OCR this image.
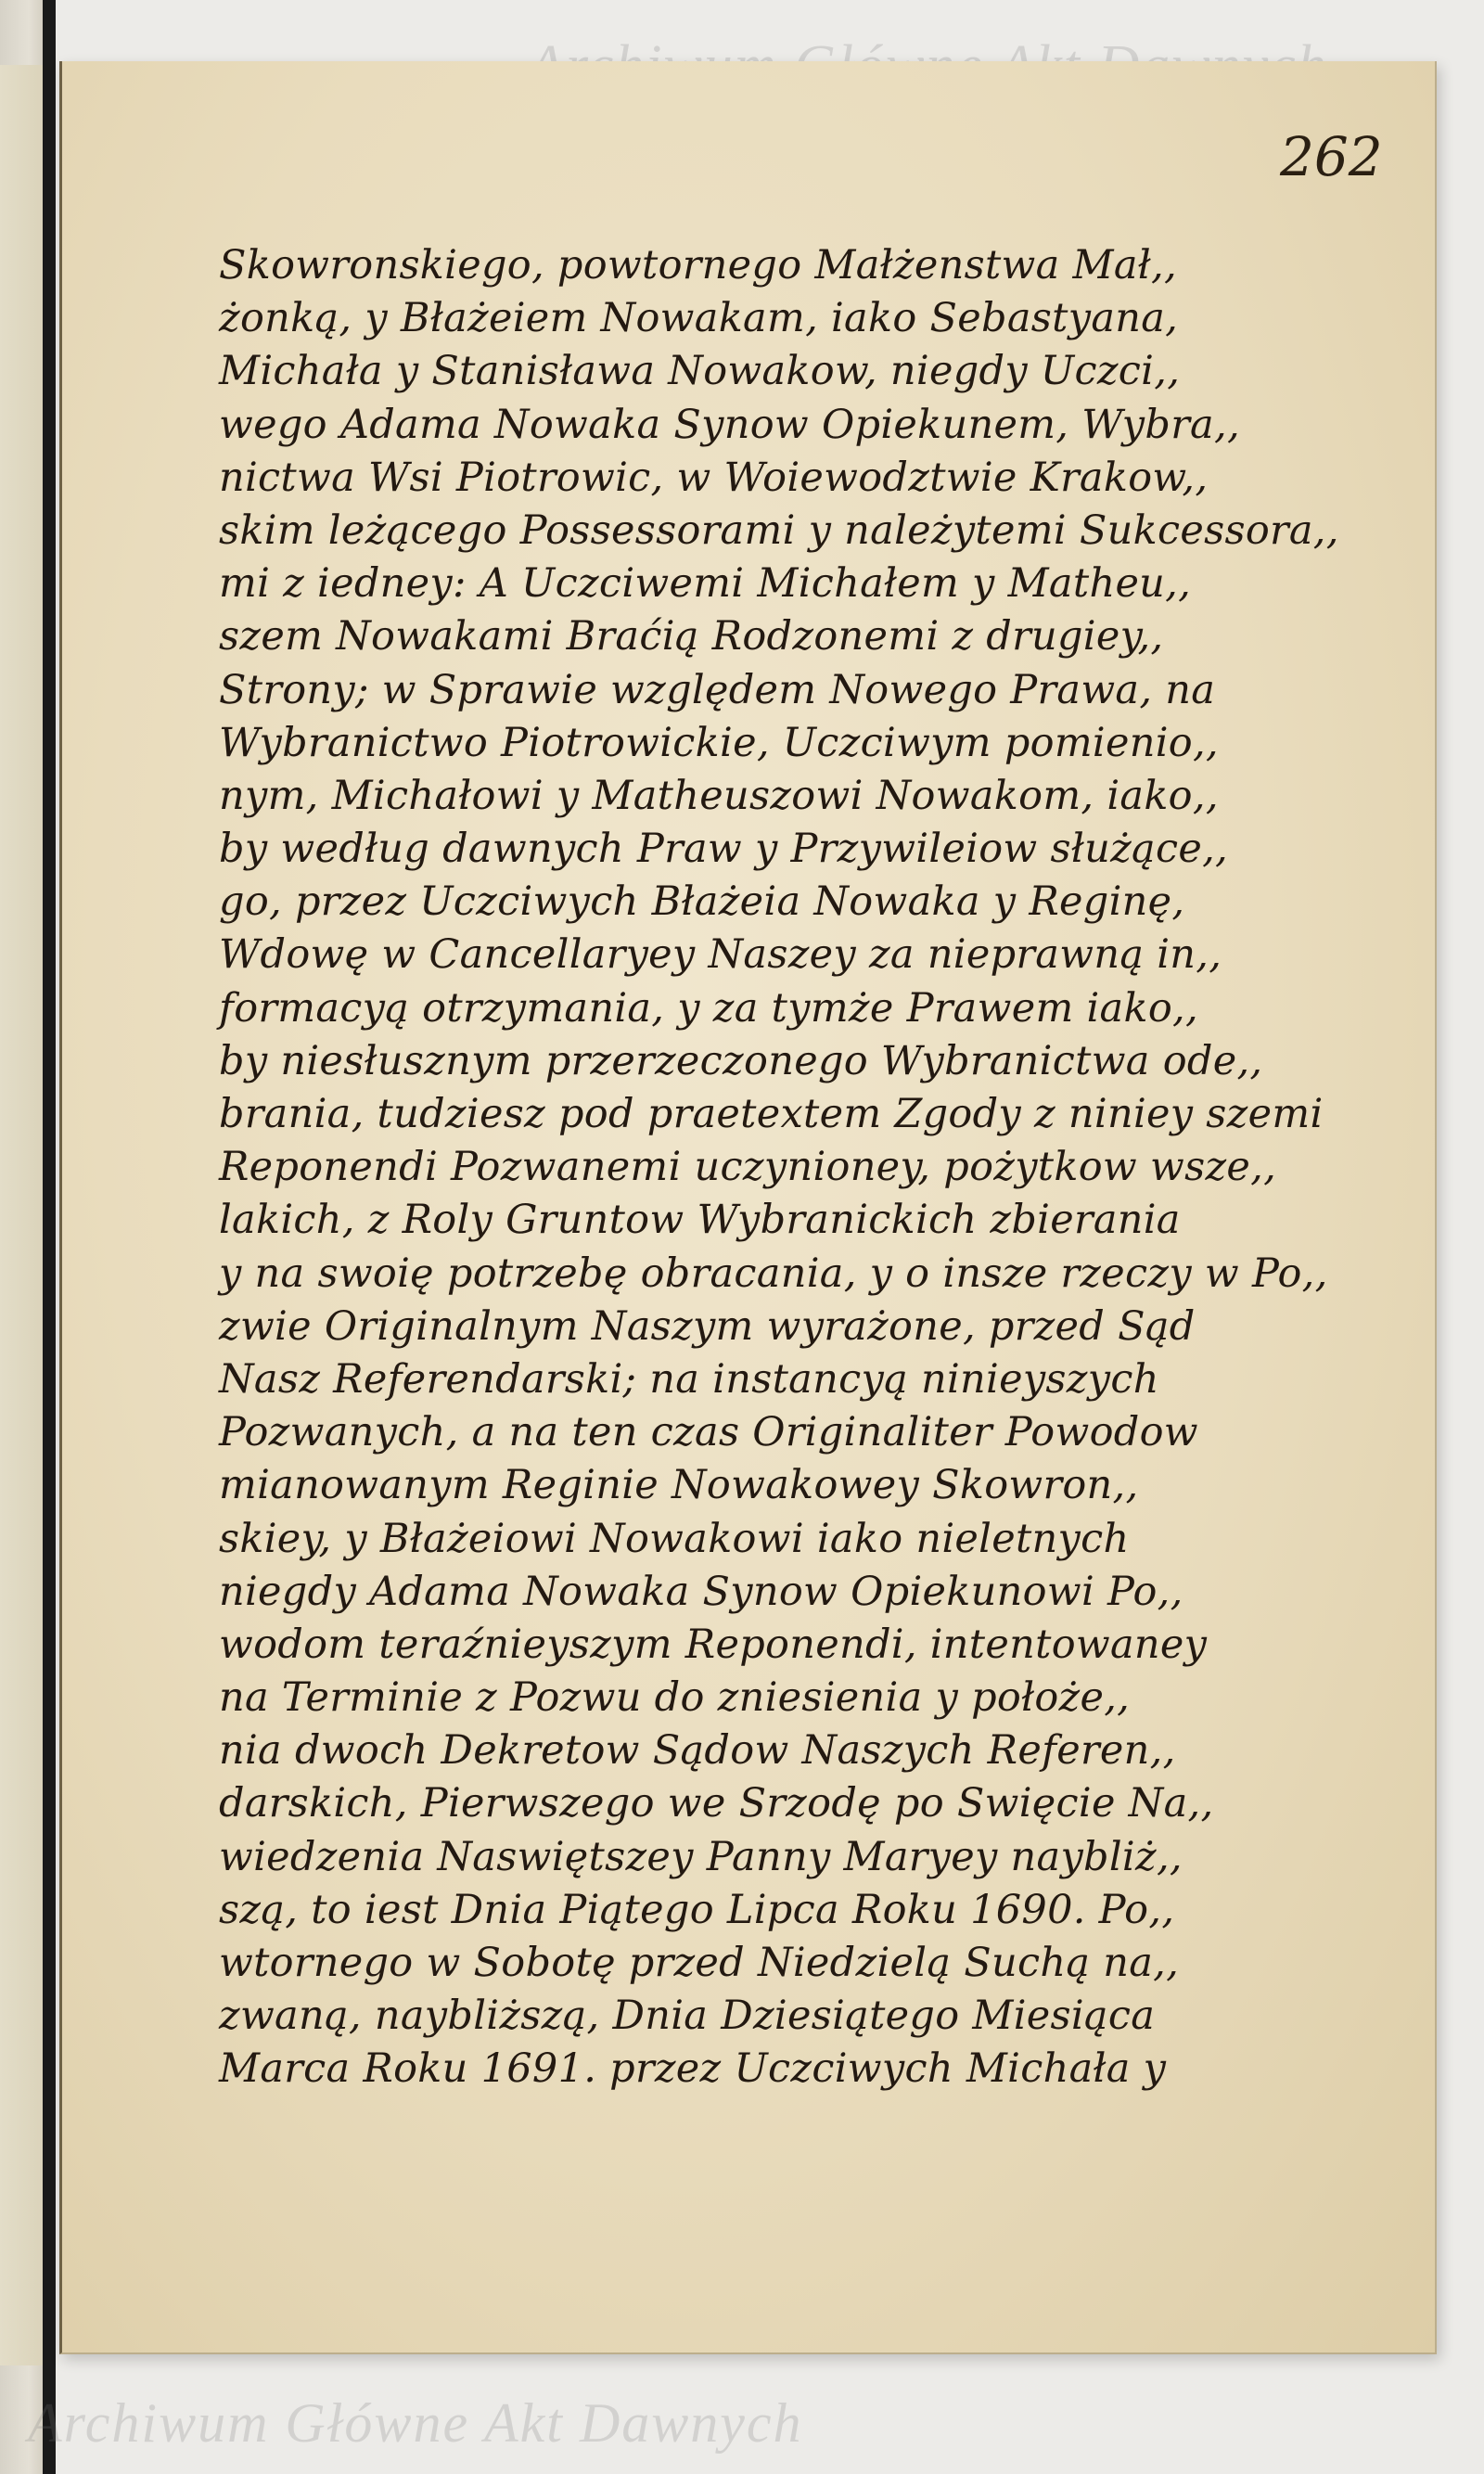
262

Skowronskiego, powtornego Małżenstwa Mał,,
żonką, y Błażeiem Nowakam, iako Sebastyana,
Michała y Stanisława Nowakow, niegdy Uczci,,
wego Adama Nowaka Synow Opiekunem, Wybra,,
nictwa Wsi Piotrowic, w Woiewodztwie Krakow,,
skim leżącego Possessorami y należytemi Sukcessora,,
mi z iedney: A Uczciwemi Michałem y Matheu,,
szem Nowakami Braćią Rodzonemi z drugiey,,
Strony; w Sprawie względem Nowego Prawa, na
Wybranictwo Piotrowickie, Uczciwym pomienio,,
nym, Michałowi y Matheuszowi Nowakom, iako,,
by według dawnych Praw y Przywileiow służące,,
go, przez Uczciwych Błażeia Nowaka y Reginę,
Wdowę w Cancellaryey Naszey za nieprawną in,,
formacyą otrzymania, y za tymże Prawem iako,,
by niesłusznym przerzeczonego Wybranictwa ode,,
brania, tudziesz pod praetextem Zgody z niniey szemi
Reponendi Pozwanemi uczynioney, pożytkow wsze,,
lakich, z Roly Gruntow Wybranickich zbierania
y na swoię potrzebę obracania, y o insze rzeczy w Po,,
zwie Originalnym Naszym wyrażone, przed Sąd
Nasz Referendarski; na instancyą ninieyszych
Pozwanych, a na ten czas Originaliter Powodow
mianowanym Reginie Nowakowey Skowron,,
skiey, y Błażeiowi Nowakowi iako nieletnych
niegdy Adama Nowaka Synow Opiekunowi Po,,
wodom teraźnieyszym Reponendi, intentowaney
na Terminie z Pozwu do zniesienia y położe,,
nia dwoch Dekretow Sądow Naszych Referen,,
darskich, Pierwszego we Srzodę po Swięcie Na,,
wiedzenia Naswiętszey Panny Maryey naybliż,,
szą, to iest Dnia Piątego Lipca Roku 1690. Po,,
wtornego w Sobotę przed Niedzielą Suchą na,,
zwaną, naybliższą, Dnia Dziesiątego Miesiąca
Marca Roku 1691. przez Uczciwych Michała y

Archiwum Główne Akt Dawnych
